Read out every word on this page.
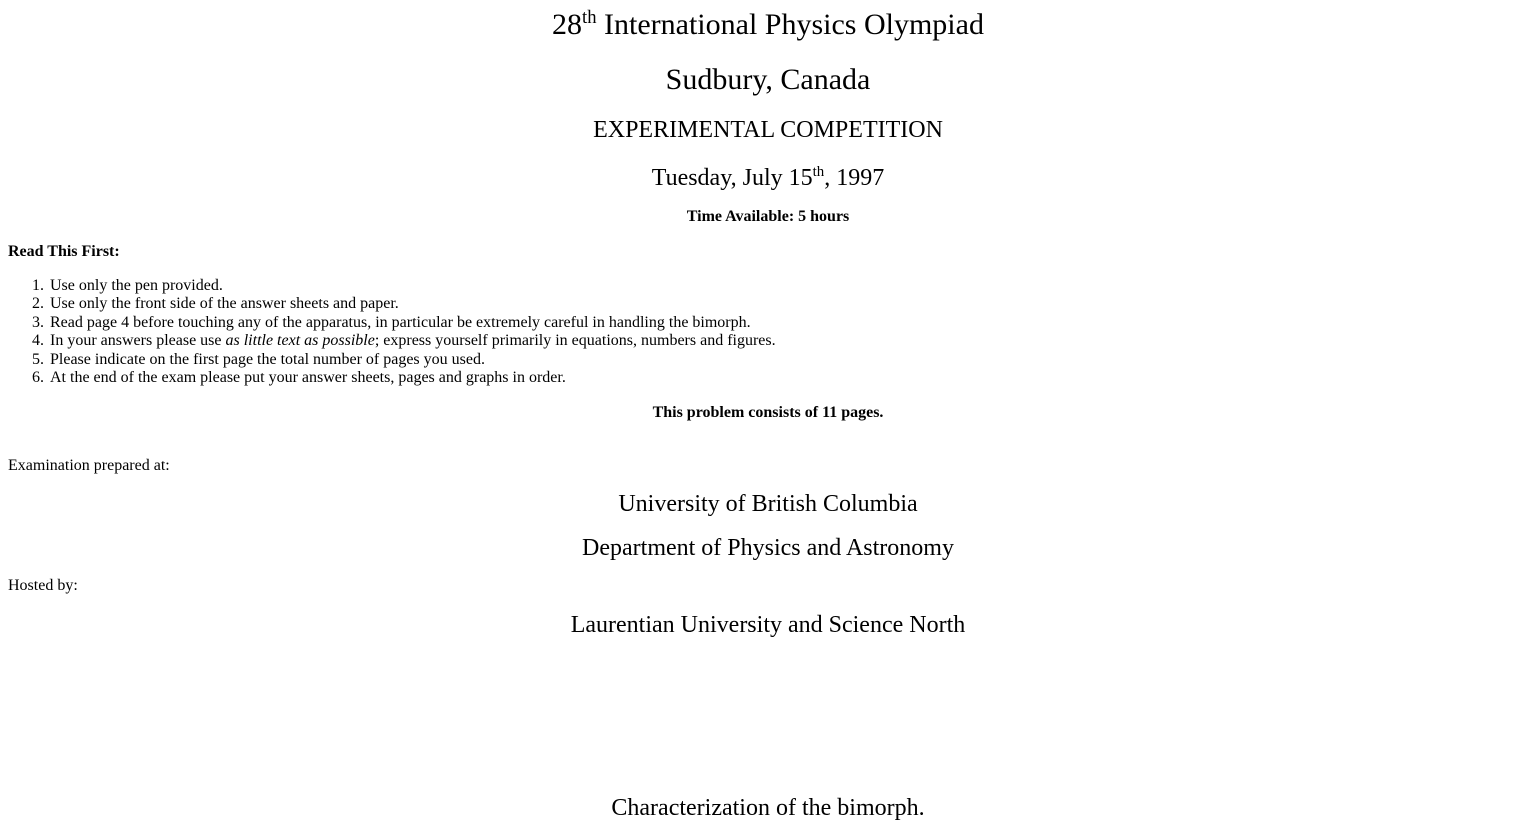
28th International Physics Olympiad
Sudbury, Canada
EXPERIMENTAL COMPETITION
Tuesday, July 15th, 1997
Time Available: 5 hours
Read This First:
1. Use only the pen provided.
2. Use only the front side of the answer sheets and paper.
3. Read page 4 before touching any of the apparatus, in particular be extremely careful in handling the bimorph.
4. In your answers please use as little text as possible; express yourself primarily in equations, numbers and figures.
5. Please indicate on the first page the total number of pages you used.
6. At the end of the exam please put your answer sheets, pages and graphs in order.
This problem consists of 11 pages.
Examination prepared at:
University of British Columbia
Department of Physics and Astronomy
Hosted by:
Laurentian University and Science North
Characterization of the bimorph.
